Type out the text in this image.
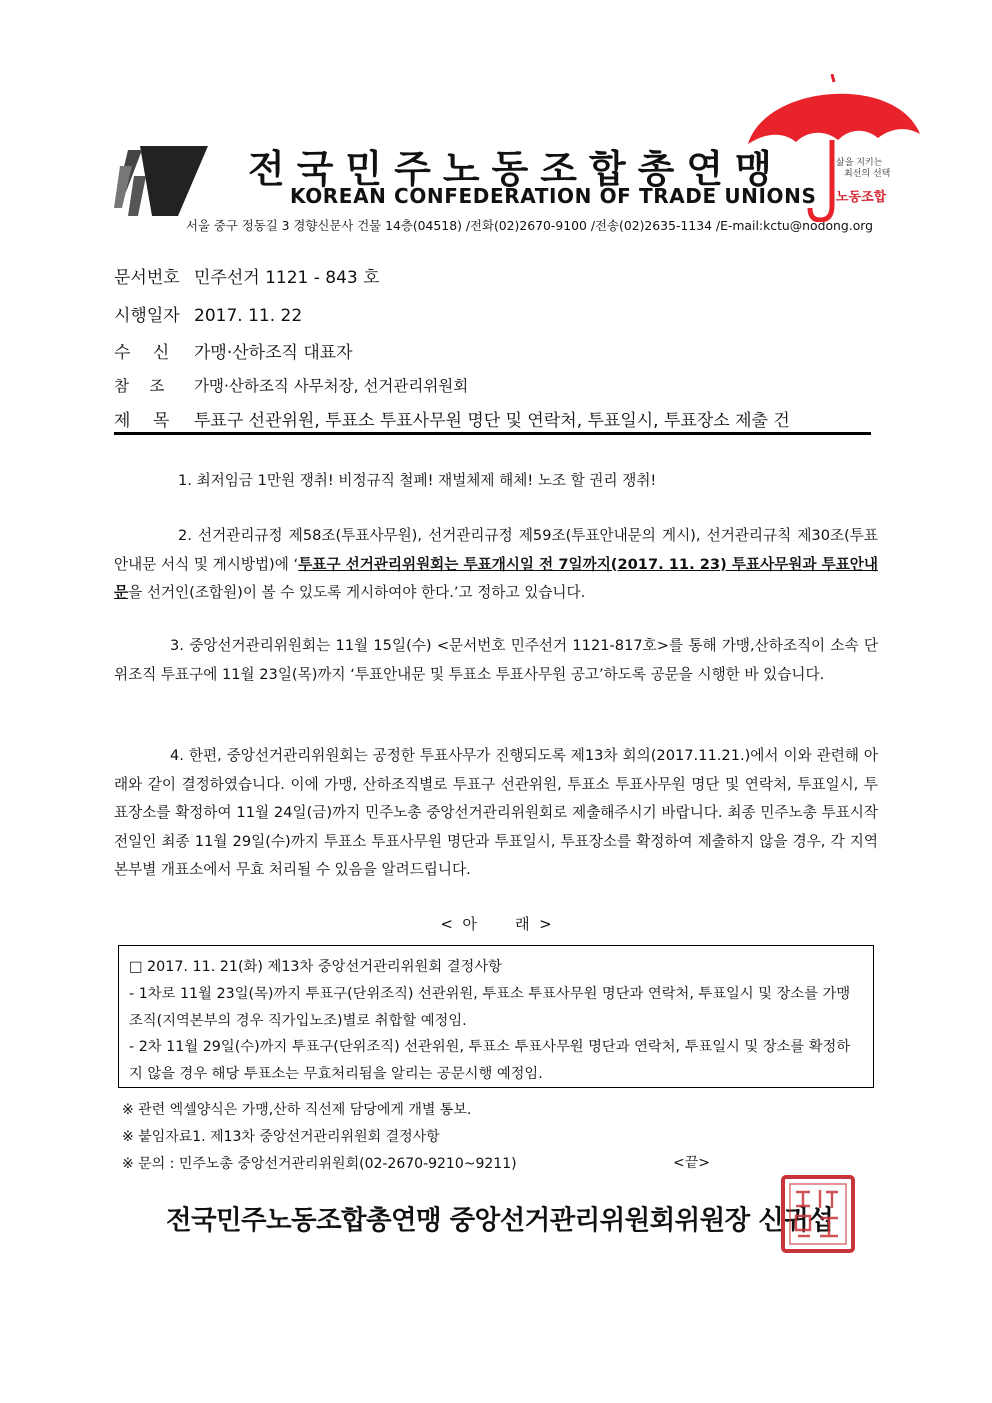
전국민주노동조합총연맹
KOREAN CONFEDERATION OF TRADE UNIONS
서울 중구 정동길 3 경향신문사 건물 14층(04518) /전화(02)2670-9100 /전송(02)2635-1134 /E-mail:kctu@nodong.org
삶을 지키는
최선의 선택
노동조합
문서번호 민주선거 1121 - 843 호
시행일자 2017. 11. 22
수　 신 가맹·산하조직 대표자
참　 조 가맹·산하조직 사무처장, 선거관리위원회
제　 목 투표구 선관위원, 투표소 투표사무원 명단 및 연락처, 투표일시, 투표장소 제출 건
1. 최저임금 1만원 쟁취! 비정규직 철폐! 재벌체제 해체! 노조 할 권리 쟁취!
2. 선거관리규정 제58조(투표사무원), 선거관리규정 제59조(투표안내문의 게시), 선거관리규칙 제30조(투표안내문 서식 및 게시방법)에 ‘투표구 선거관리위원회는 투표개시일 전 7일까지(2017. 11. 23) 투표사무원과 투표안내문을 선거인(조합원)이 볼 수 있도록 게시하여야 한다.’고 정하고 있습니다.
3. 중앙선거관리위원회는 11월 15일(수) <문서번호 민주선거 1121-817호>를 통해 가맹,산하조직이 소속 단위조직 투표구에 11월 23일(목)까지 ‘투표안내문 및 투표소 투표사무원 공고’하도록 공문을 시행한 바 있습니다.
4. 한편, 중앙선거관리위원회는 공정한 투표사무가 진행되도록 제13차 회의(2017.11.21.)에서 이와 관련해 아래와 같이 결정하였습니다. 이에 가맹, 산하조직별로 투표구 선관위원, 투표소 투표사무원 명단 및 연락처, 투표일시, 투표장소를 확정하여 11월 24일(금)까지 민주노총 중앙선거관리위원회로 제출해주시기 바랍니다. 최종 민주노총 투표시작 전일인 최종 11월 29일(수)까지 투표소 투표사무원 명단과 투표일시, 투표장소를 확정하여 제출하지 않을 경우, 각 지역본부별 개표소에서 무효 처리될 수 있음을 알려드립니다.
<  아        래  >

□ 2017. 11. 21(화) 제13차 중앙선거관리위원회 결정사항

- 1차로 11월 23일(목)까지 투표구(단위조직) 선관위원, 투표소 투표사무원 명단과 연락처, 투표일시 및 장소를 가맹조직(지역본부의 경우 직가입노조)별로 취합할 예정임.

- 2차 11월 29일(수)까지 투표구(단위조직) 선관위원, 투표소 투표사무원 명단과 연락처, 투표일시 및 장소를 확정하지 않을 경우 해당 투표소는 무효처리됨을 알리는 공문시행 예정임.

※ 관련 엑셀양식은 가맹,산하 직선제 담당에게 개별 통보.
※ 붙임자료1. 제13차 중앙선거관리위원회 결정사항
※ 문의 : 민주노총 중앙선거관리위원회(02-2670-9210~9211)	<끝>
전국민주노동조합총연맹 중앙선거관리위원회위원장 신귀섭
